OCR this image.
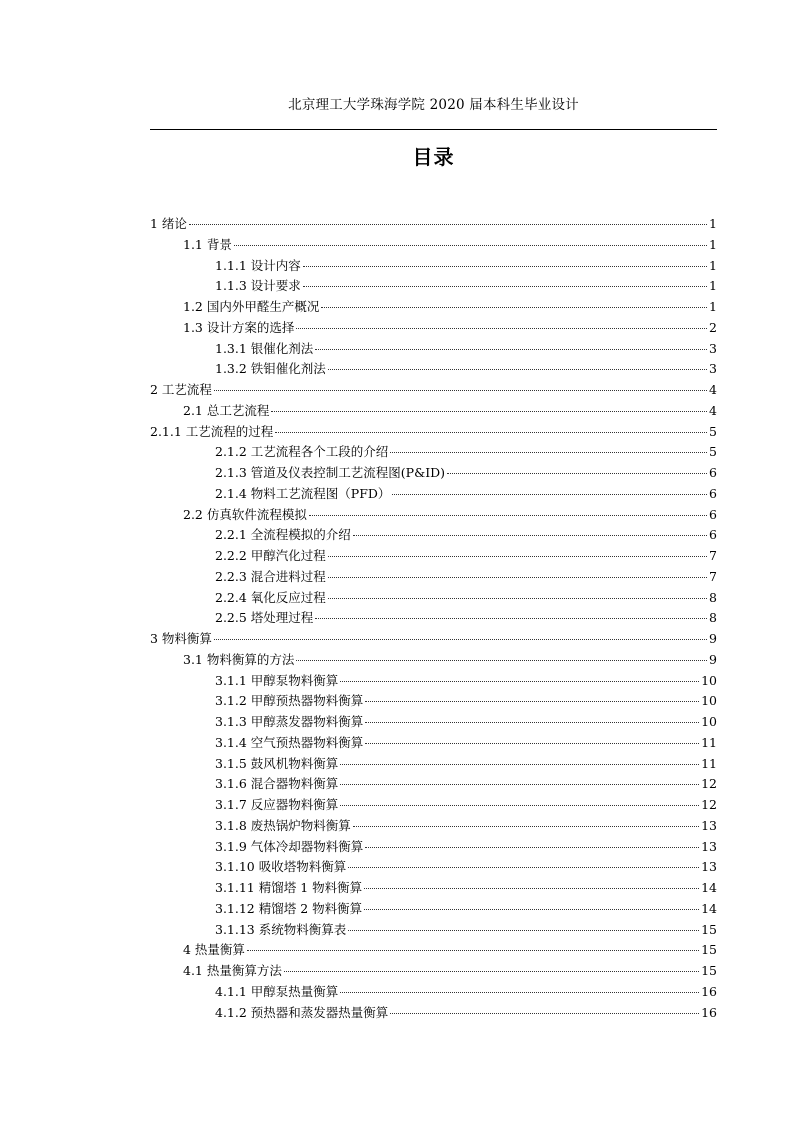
北京理工大学珠海学院 2020 届本科生毕业设计
目录
1 绪论	1
1.1 背景	1
1.1.1 设计内容	1
1.1.3 设计要求	1
1.2 国内外甲醛生产概况	1
1.3 设计方案的选择	2
1.3.1 银催化剂法	3
1.3.2 铁钼催化剂法	3
2 工艺流程	4
2.1 总工艺流程	4
2.1.1 工艺流程的过程	5
2.1.2 工艺流程各个工段的介绍	5
2.1.3 管道及仪表控制工艺流程图(P&ID)	6
2.1.4 物料工艺流程图（PFD）	6
2.2 仿真软件流程模拟	6
2.2.1 全流程模拟的介绍	6
2.2.2 甲醇汽化过程	7
2.2.3 混合进料过程	7
2.2.4 氧化反应过程	8
2.2.5 塔处理过程	8
3 物料衡算	9
3.1 物料衡算的方法	9
3.1.1 甲醇泵物料衡算	10
3.1.2 甲醇预热器物料衡算	10
3.1.3 甲醇蒸发器物料衡算	10
3.1.4 空气预热器物料衡算	11
3.1.5 鼓风机物料衡算	11
3.1.6 混合器物料衡算	12
3.1.7 反应器物料衡算	12
3.1.8 废热锅炉物料衡算	13
3.1.9 气体冷却器物料衡算	13
3.1.10 吸收塔物料衡算	13
3.1.11 精馏塔 1 物料衡算	14
3.1.12 精馏塔 2 物料衡算	14
3.1.13 系统物料衡算表	15
4 热量衡算	15
4.1 热量衡算方法	15
4.1.1 甲醇泵热量衡算	16
4.1.2 预热器和蒸发器热量衡算	16
